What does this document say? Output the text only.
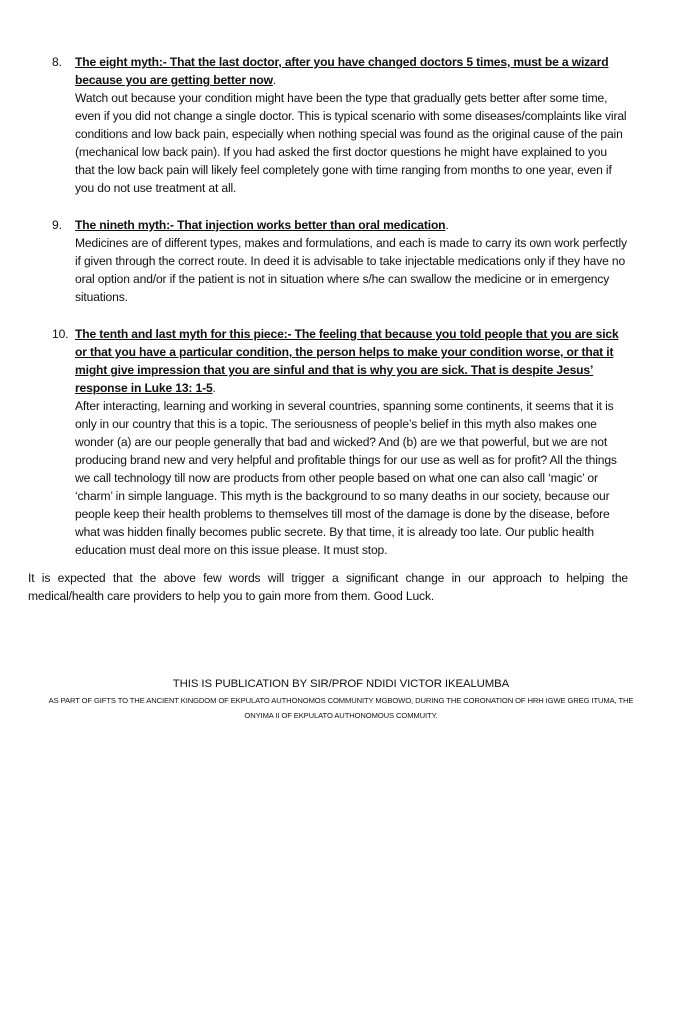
8.	The eight myth:- That the last doctor, after you have changed doctors 5 times, must be a wizard because you are getting better now.

Watch out because your condition might have been the type that gradually gets better after some time, even if you did not change a single doctor. This is typical scenario with some diseases/complaints like viral conditions and low back pain, especially when nothing special was found as the original cause of the pain (mechanical low back pain). If you had asked the first doctor questions he might have explained to you that the low back pain will likely feel completely gone with time ranging from months to one year, even if you do not use treatment at all.

9.	The nineth myth:- That injection works better than oral medication.

Medicines are of different types, makes and formulations, and each is made to carry its own work perfectly if given through the correct route. In deed it is advisable to take injectable medications only if they have no oral option and/or if the patient is not in situation where s/he can swallow the medicine or in emergency situations.

10. The tenth and last myth for this piece:- The feeling that because you told people that you are sick or that you have a particular condition, the person helps to make your condition worse, or that it might give impression that you are sinful and that is why you are sick. That is despite Jesus’ response in Luke 13: 1-5.

After interacting, learning and working in several countries, spanning some continents, it seems that it is only in our country that this is a topic. The seriousness of people’s belief in this myth also makes one wonder (a) are our people generally that bad and wicked? And (b) are we that powerful, but we are not producing brand new and very helpful and profitable things for our use as well as for profit? All the things we call technology till now are products from other people based on what one can also call ‘magic’ or ‘charm’ in simple language. This myth is the background to so many deaths in our society, because our people keep their health problems to themselves till most of the damage is done by the disease, before what was hidden finally becomes public secrete. By that time, it is already too late. Our public health education must deal more on this issue please. It must stop.

It is expected that the above few words will trigger a significant change in our approach to helping the medical/health care providers to help you to gain more from them. Good Luck.

THIS IS PUBLICATION BY SIR/PROF NDIDI VICTOR IKEALUMBA

AS PART OF GIFTS TO THE ANCIENT KINGDOM OF EKPULATO AUTHONOMOS COMMUNITY MGBOWO, DURING THE CORONATION OF HRH IGWE GREG ITUMA, THE ONYIMA II OF EKPULATO AUTHONOMOUS COMMUITY.
